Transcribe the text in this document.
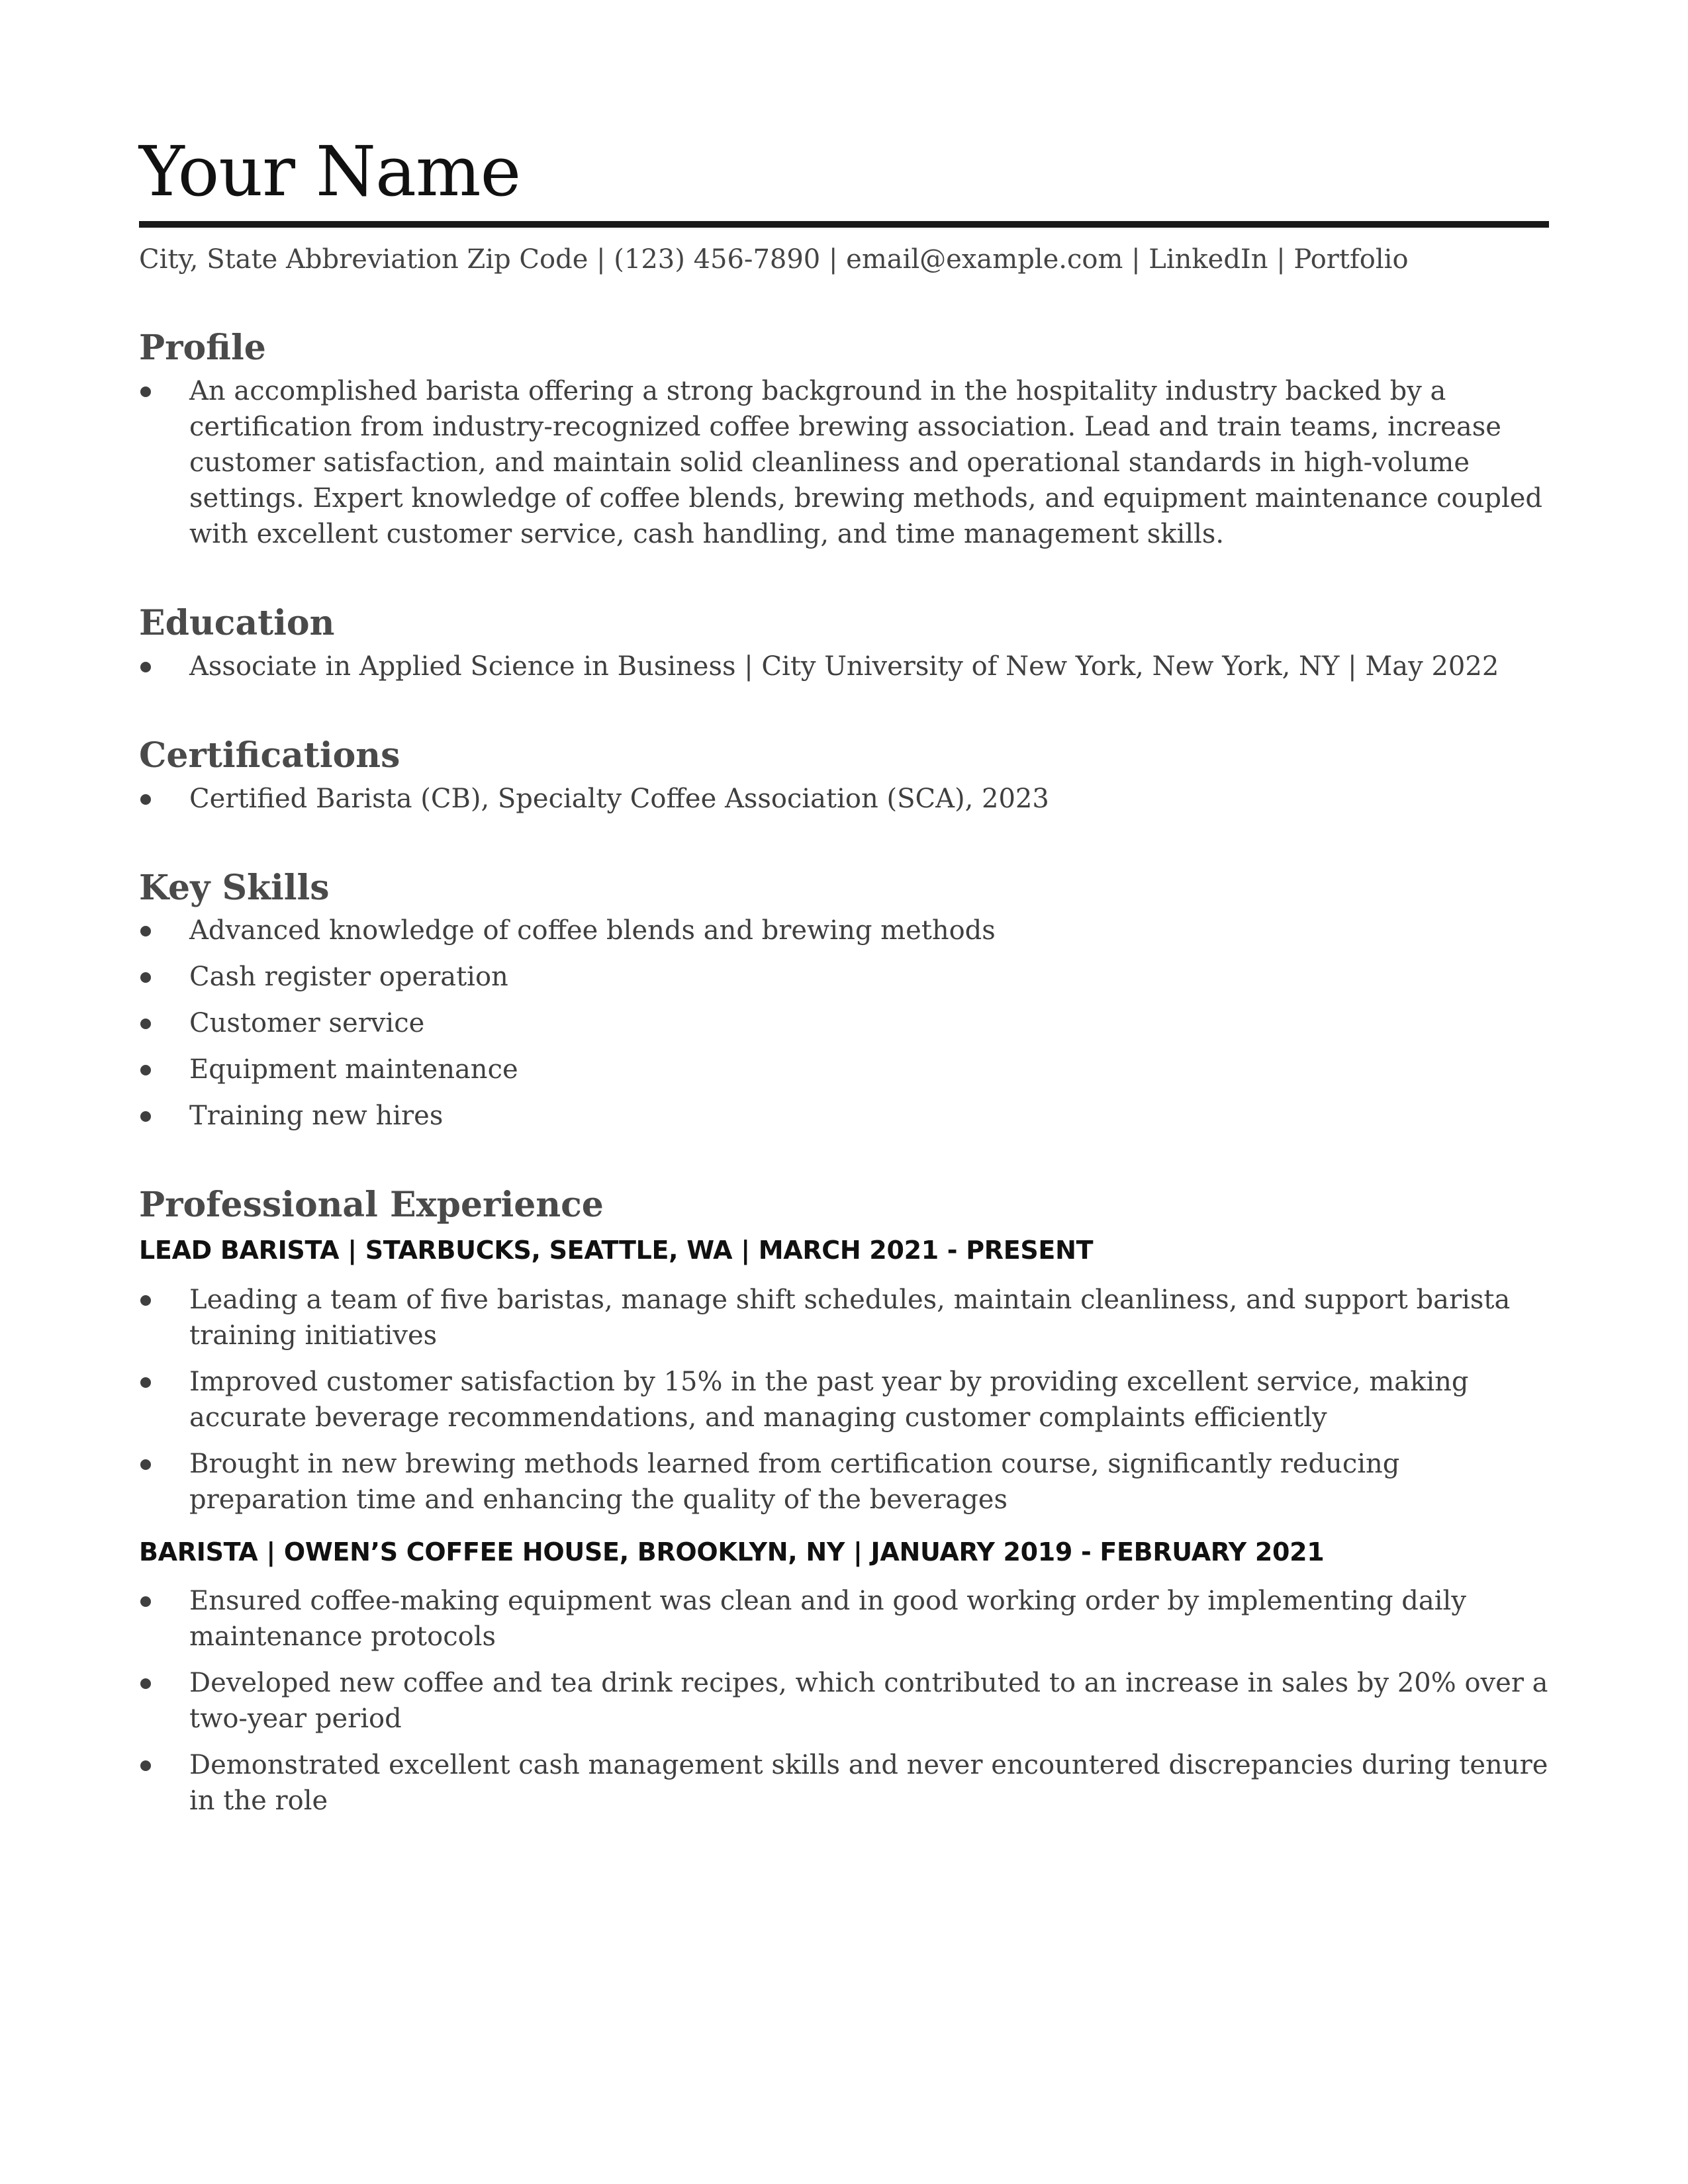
Your Name
City, State Abbreviation Zip Code | (123) 456-7890 | email@example.com | LinkedIn | Portfolio
Profile
An accomplished barista offering a strong background in the hospitality industry backed by a certification from industry-recognized coffee brewing association. Lead and train teams, increase customer satisfaction, and maintain solid cleanliness and operational standards in high-volume settings. Expert knowledge of coffee blends, brewing methods, and equipment maintenance coupled with excellent customer service, cash handling, and time management skills.
Education
Associate in Applied Science in Business | City University of New York, New York, NY | May 2022
Certifications
Certified Barista (CB), Specialty Coffee Association (SCA), 2023
Key Skills
Advanced knowledge of coffee blends and brewing methods
Cash register operation
Customer service
Equipment maintenance
Training new hires
Professional Experience
LEAD BARISTA | STARBUCKS, SEATTLE, WA | MARCH 2021 - PRESENT
Leading a team of five baristas, manage shift schedules, maintain cleanliness, and support barista training initiatives
Improved customer satisfaction by 15% in the past year by providing excellent service, making accurate beverage recommendations, and managing customer complaints efficiently
Brought in new brewing methods learned from certification course, significantly reducing preparation time and enhancing the quality of the beverages
BARISTA | OWEN’S COFFEE HOUSE, BROOKLYN, NY | JANUARY 2019 - FEBRUARY 2021
Ensured coffee-making equipment was clean and in good working order by implementing daily maintenance protocols
Developed new coffee and tea drink recipes, which contributed to an increase in sales by 20% over a two-year period
Demonstrated excellent cash management skills and never encountered discrepancies during tenure in the role
